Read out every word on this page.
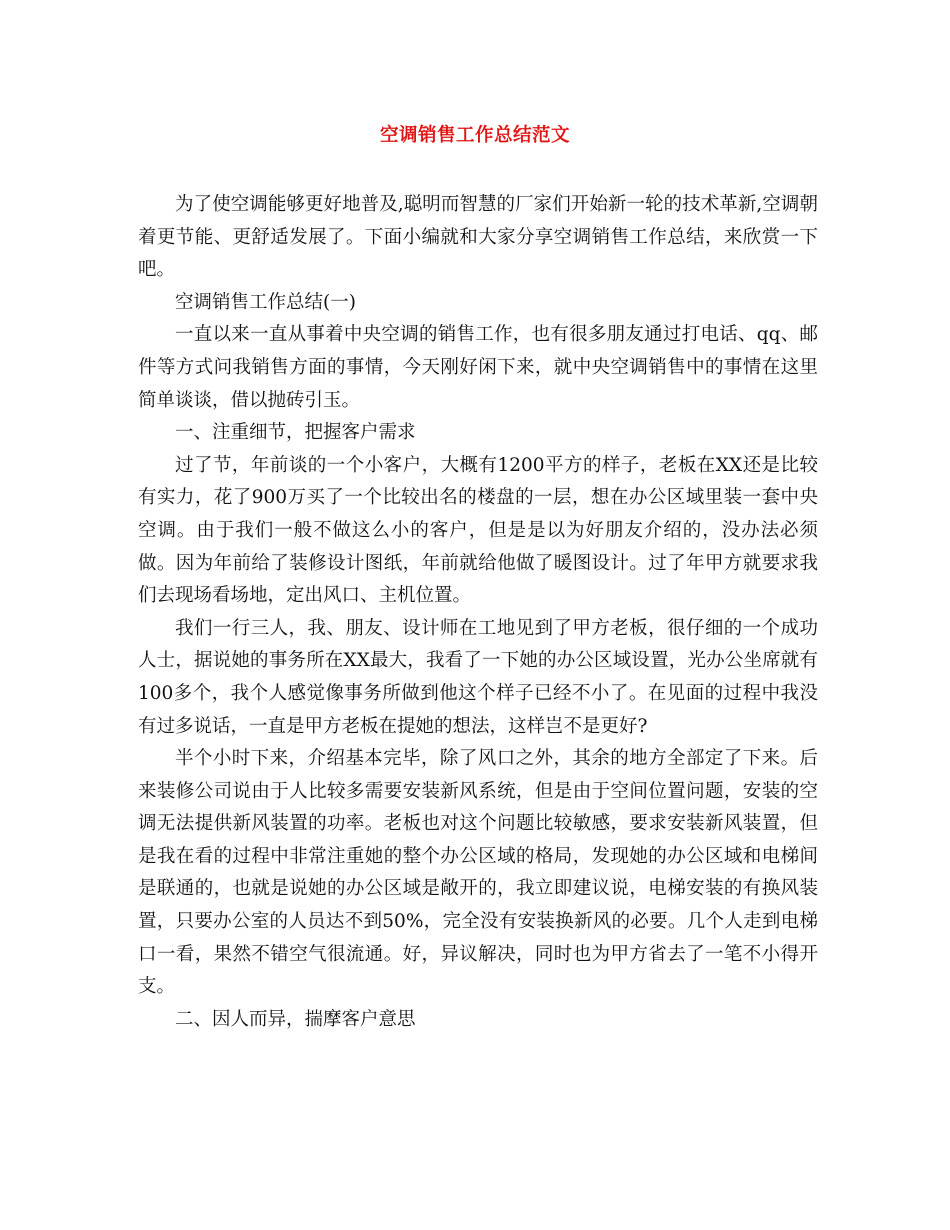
空调销售工作总结范文

为了使空调能够更好地普及,聪明而智慧的厂家们开始新一轮的技术革新,空调朝着更节能、更舒适发展了。下面小编就和大家分享空调销售工作总结，来欣赏一下吧。

空调销售工作总结(一)

一直以来一直从事着中央空调的销售工作，也有很多朋友通过打电话、qq、邮件等方式问我销售方面的事情，今天刚好闲下来，就中央空调销售中的事情在这里简单谈谈，借以抛砖引玉。

一、注重细节，把握客户需求

过了节，年前谈的一个小客户，大概有1200平方的样子，老板在XX还是比较有实力，花了900万买了一个比较出名的楼盘的一层，想在办公区域里装一套中央空调。由于我们一般不做这么小的客户，但是是以为好朋友介绍的，没办法必须做。因为年前给了装修设计图纸，年前就给他做了暖图设计。过了年甲方就要求我们去现场看场地，定出风口、主机位置。

我们一行三人，我、朋友、设计师在工地见到了甲方老板，很仔细的一个成功人士，据说她的事务所在XX最大，我看了一下她的办公区域设置，光办公坐席就有100多个，我个人感觉像事务所做到他这个样子已经不小了。在见面的过程中我没有过多说话，一直是甲方老板在提她的想法，这样岂不是更好?

半个小时下来，介绍基本完毕，除了风口之外，其余的地方全部定了下来。后来装修公司说由于人比较多需要安装新风系统，但是由于空间位置问题，安装的空调无法提供新风装置的功率。老板也对这个问题比较敏感，要求安装新风装置，但是我在看的过程中非常注重她的整个办公区域的格局，发现她的办公区域和电梯间是联通的，也就是说她的办公区域是敞开的，我立即建议说，电梯安装的有换风装置，只要办公室的人员达不到50%，完全没有安装换新风的必要。几个人走到电梯口一看，果然不错空气很流通。好，异议解决，同时也为甲方省去了一笔不小得开支。

二、因人而异，揣摩客户意思
